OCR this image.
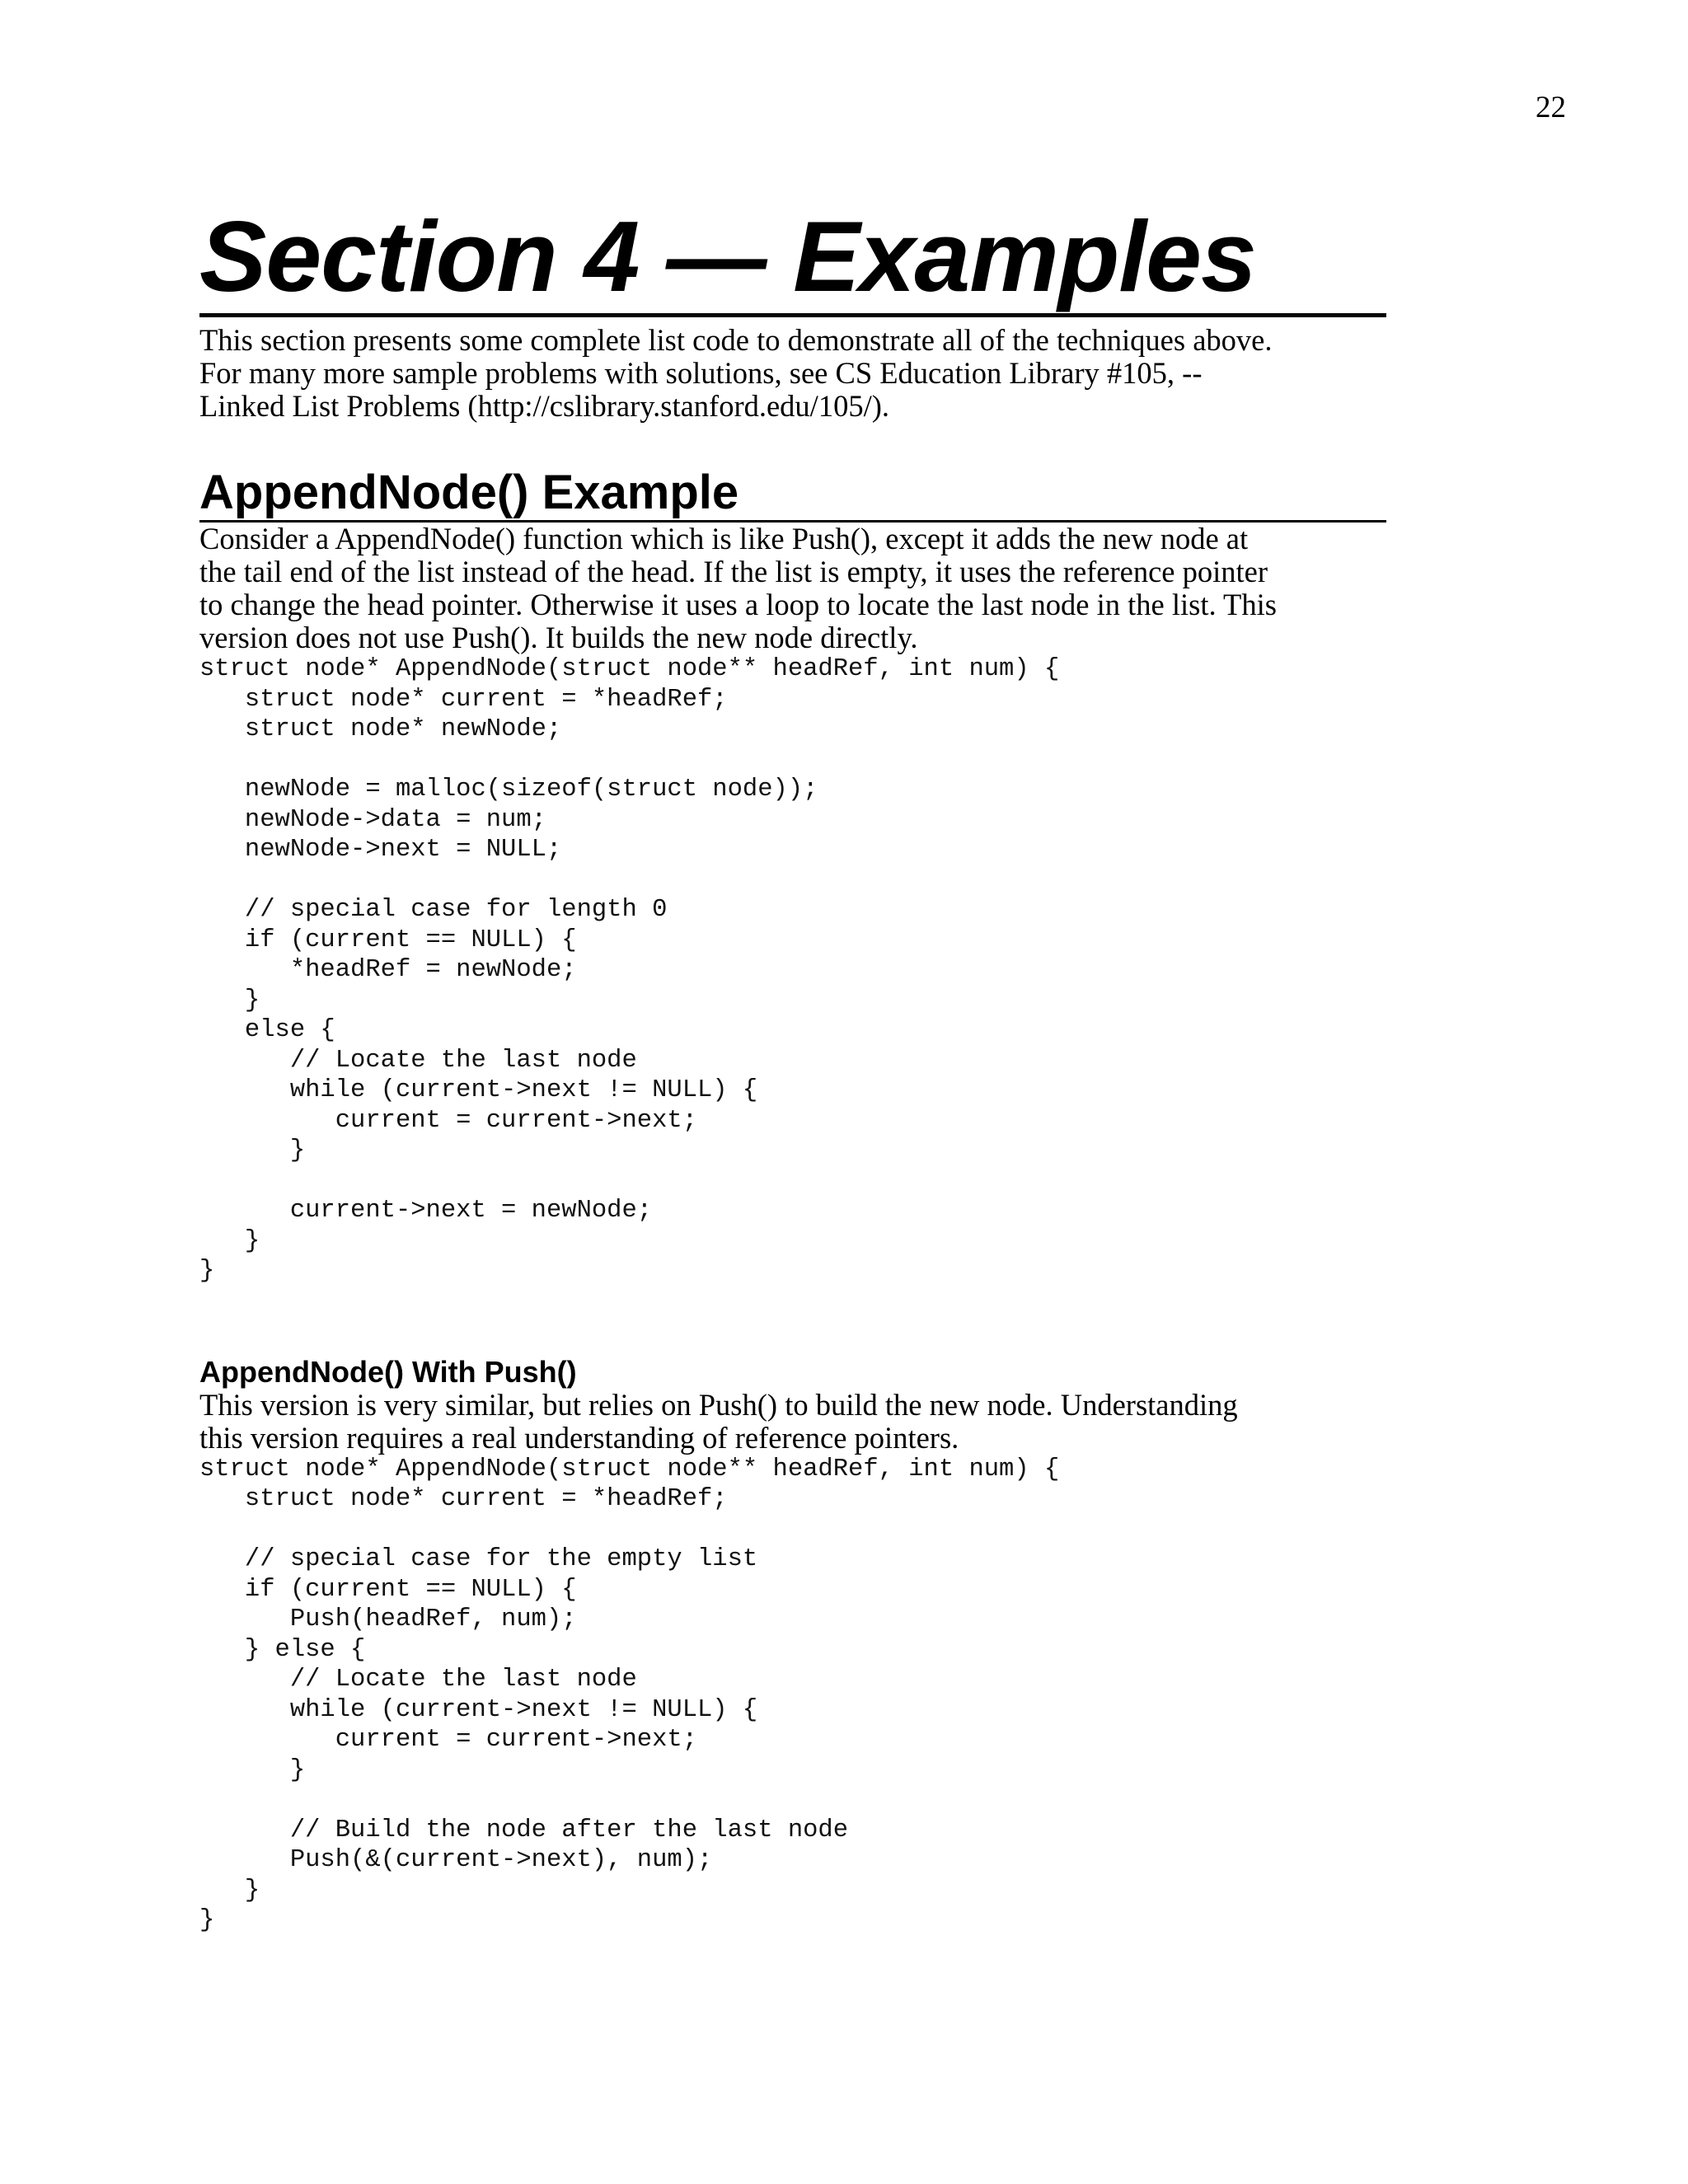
22
Section 4 — Examples

This section presents some complete list code to demonstrate all of the techniques above.
For many more sample problems with solutions, see CS Education Library #105, --
Linked List Problems (http://cslibrary.stanford.edu/105/).

AppendNode() Example

Consider a AppendNode() function which is like Push(), except it adds the new node at
the tail end of the list instead of the head. If the list is empty, it uses the reference pointer
to change the head pointer. Otherwise it uses a loop to locate the last node in the list. This
version does not use Push(). It builds the new node directly.

struct node* AppendNode(struct node** headRef, int num) {
struct node* current = *headRef;
struct node* newNode;

newNode = malloc(sizeof(struct node));
newNode->data = num;
newNode->next = NULL;

// special case for length 0
if (current == NULL) {
*headRef = newNode;
}
else {
// Locate the last node
while (current->next != NULL) {
current = current->next;
}

current->next = newNode;
}
}
AppendNode() With Push()

This version is very similar, but relies on Push() to build the new node. Understanding
this version requires a real understanding of reference pointers.

struct node* AppendNode(struct node** headRef, int num) {
struct node* current = *headRef;

// special case for the empty list
if (current == NULL) {
Push(headRef, num);
} else {
// Locate the last node
while (current->next != NULL) {
current = current->next;
}

// Build the node after the last node
Push(&(current->next), num);
}
}
